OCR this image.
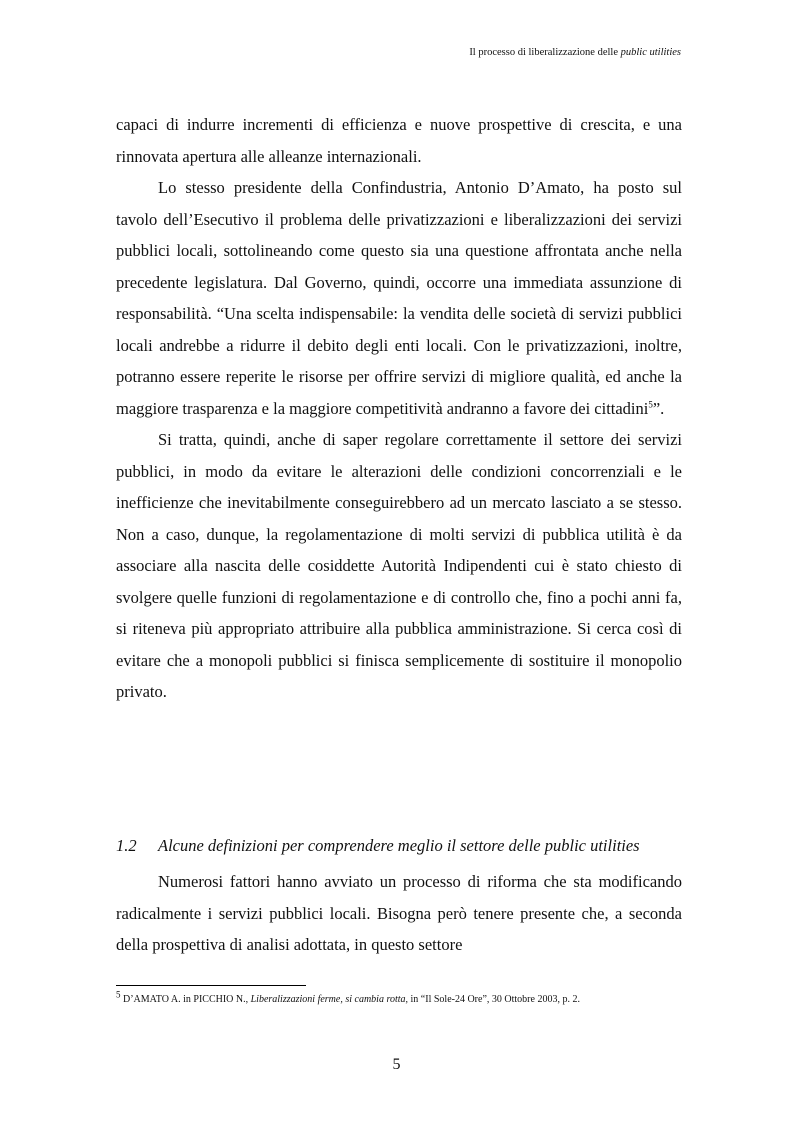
Il processo di liberalizzazione delle public utilities

capaci di indurre incrementi di efficienza e nuove prospettive di crescita, e una rinnovata apertura alle alleanze internazionali.

Lo stesso presidente della Confindustria, Antonio D’Amato, ha posto sul tavolo dell’Esecutivo il problema delle privatizzazioni e liberalizzazioni dei servizi pubblici locali, sottolineando come questo sia una questione affrontata anche nella precedente legislatura. Dal Governo, quindi, occorre una immediata assunzione di responsabilità. “Una scelta indispensabile: la vendita delle società di servizi pubblici locali andrebbe a ridurre il debito degli enti locali. Con le privatizzazioni, inoltre, potranno essere reperite le risorse per offrire servizi di migliore qualità, ed anche la maggiore trasparenza e la maggiore competitività andranno a favore dei cittadini$^5$”.

Si tratta, quindi, anche di saper regolare correttamente il settore dei servizi pubblici, in modo da evitare le alterazioni delle condizioni concorrenziali e le inefficienze che inevitabilmente conseguirebbero ad un mercato lasciato a se stesso. Non a caso, dunque, la regolamentazione di molti servizi di pubblica utilità è da associare alla nascita delle cosiddette Autorità Indipendenti cui è stato chiesto di svolgere quelle funzioni di regolamentazione e di controllo che, fino a pochi anni fa, si riteneva più appropriato attribuire alla pubblica amministrazione. Si cerca così di evitare che a monopoli pubblici si finisca semplicemente di sostituire il monopolio privato.

1.2 Alcune definizioni per comprendere meglio il settore delle public utilities

Numerosi fattori hanno avviato un processo di riforma che sta modificando radicalmente i servizi pubblici locali. Bisogna però tenere presente che, a seconda della prospettiva di analisi adottata, in questo settore

$^5$ D’AMATO A. in PICCHIO N., Liberalizzazioni ferme, si cambia rotta, in “Il Sole-24 Ore”, 30 Ottobre 2003, p. 2.
5
